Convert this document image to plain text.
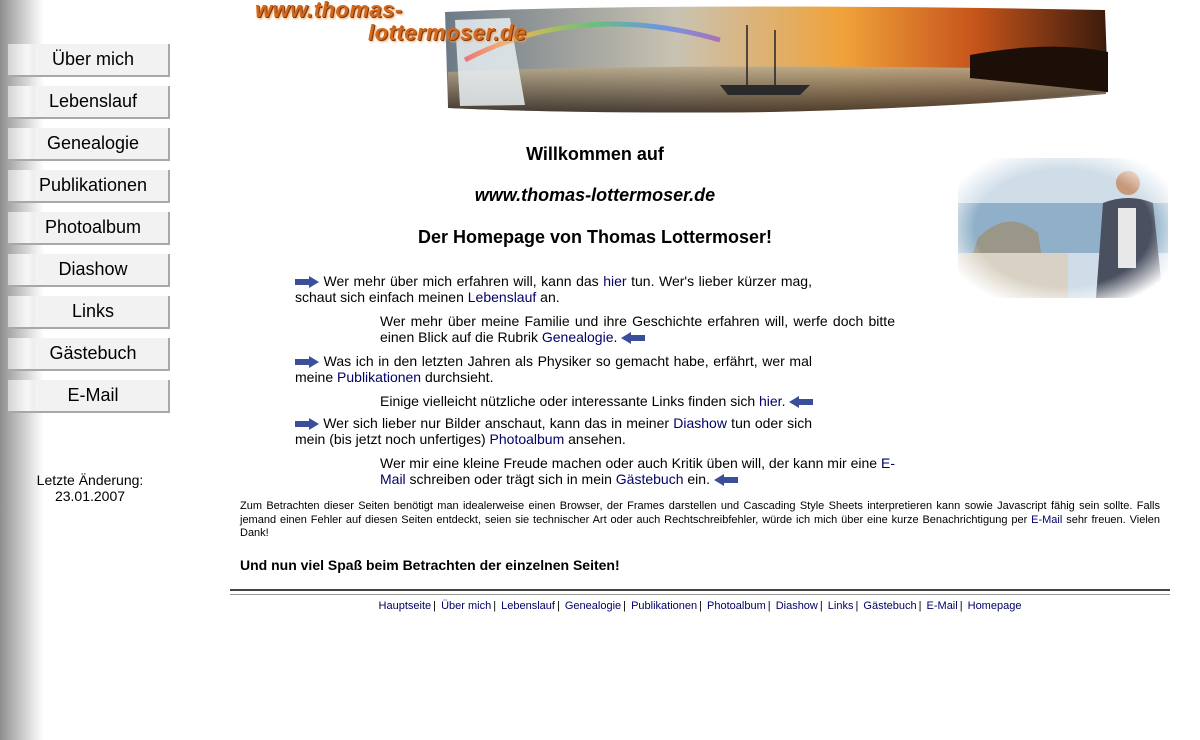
Über mich
Lebenslauf
Genealogie
Publikationen
Photoalbum
Diashow
Links
Gästebuch
E-Mail
Letzte Änderung:
23.01.2007
www.thomas-
lottermoser.de
Willkommen auf
www.thomas-lottermoser.de
Der Homepage von Thomas Lottermoser!
Wer mehr über mich erfahren will, kann das hier tun. Wer's lieber kürzer mag, schaut sich einfach meinen Lebenslauf an.
Wer mehr über meine Familie und ihre Geschichte erfahren will, werfe doch bitte einen Blick auf die Rubrik Genealogie.
Was ich in den letzten Jahren als Physiker so gemacht habe, erfährt, wer mal meine Publikationen durchsieht.
Einige vielleicht nützliche oder interessante Links finden sich hier.
Wer sich lieber nur Bilder anschaut, kann das in meiner Diashow tun oder sich mein (bis jetzt noch unfertiges) Photoalbum ansehen.
Wer mir eine kleine Freude machen oder auch Kritik üben will, der kann mir eine E-Mail schreiben oder trägt sich in mein Gästebuch ein.
Zum Betrachten dieser Seiten benötigt man idealerweise einen Browser, der Frames darstellen und Cascading Style Sheets interpretieren kann sowie Javascript fähig sein sollte. Falls jemand einen Fehler auf diesen Seiten entdeckt, seien sie technischer Art oder auch Rechtschreibfehler, würde ich mich über eine kurze Benachrichtigung per E-Mail sehr freuen. Vielen Dank!
Und nun viel Spaß beim Betrachten der einzelnen Seiten!
Hauptseite | Über mich | Lebenslauf | Genealogie | Publikationen | Photoalbum | Diashow | Links | Gästebuch | E-Mail | Homepage
